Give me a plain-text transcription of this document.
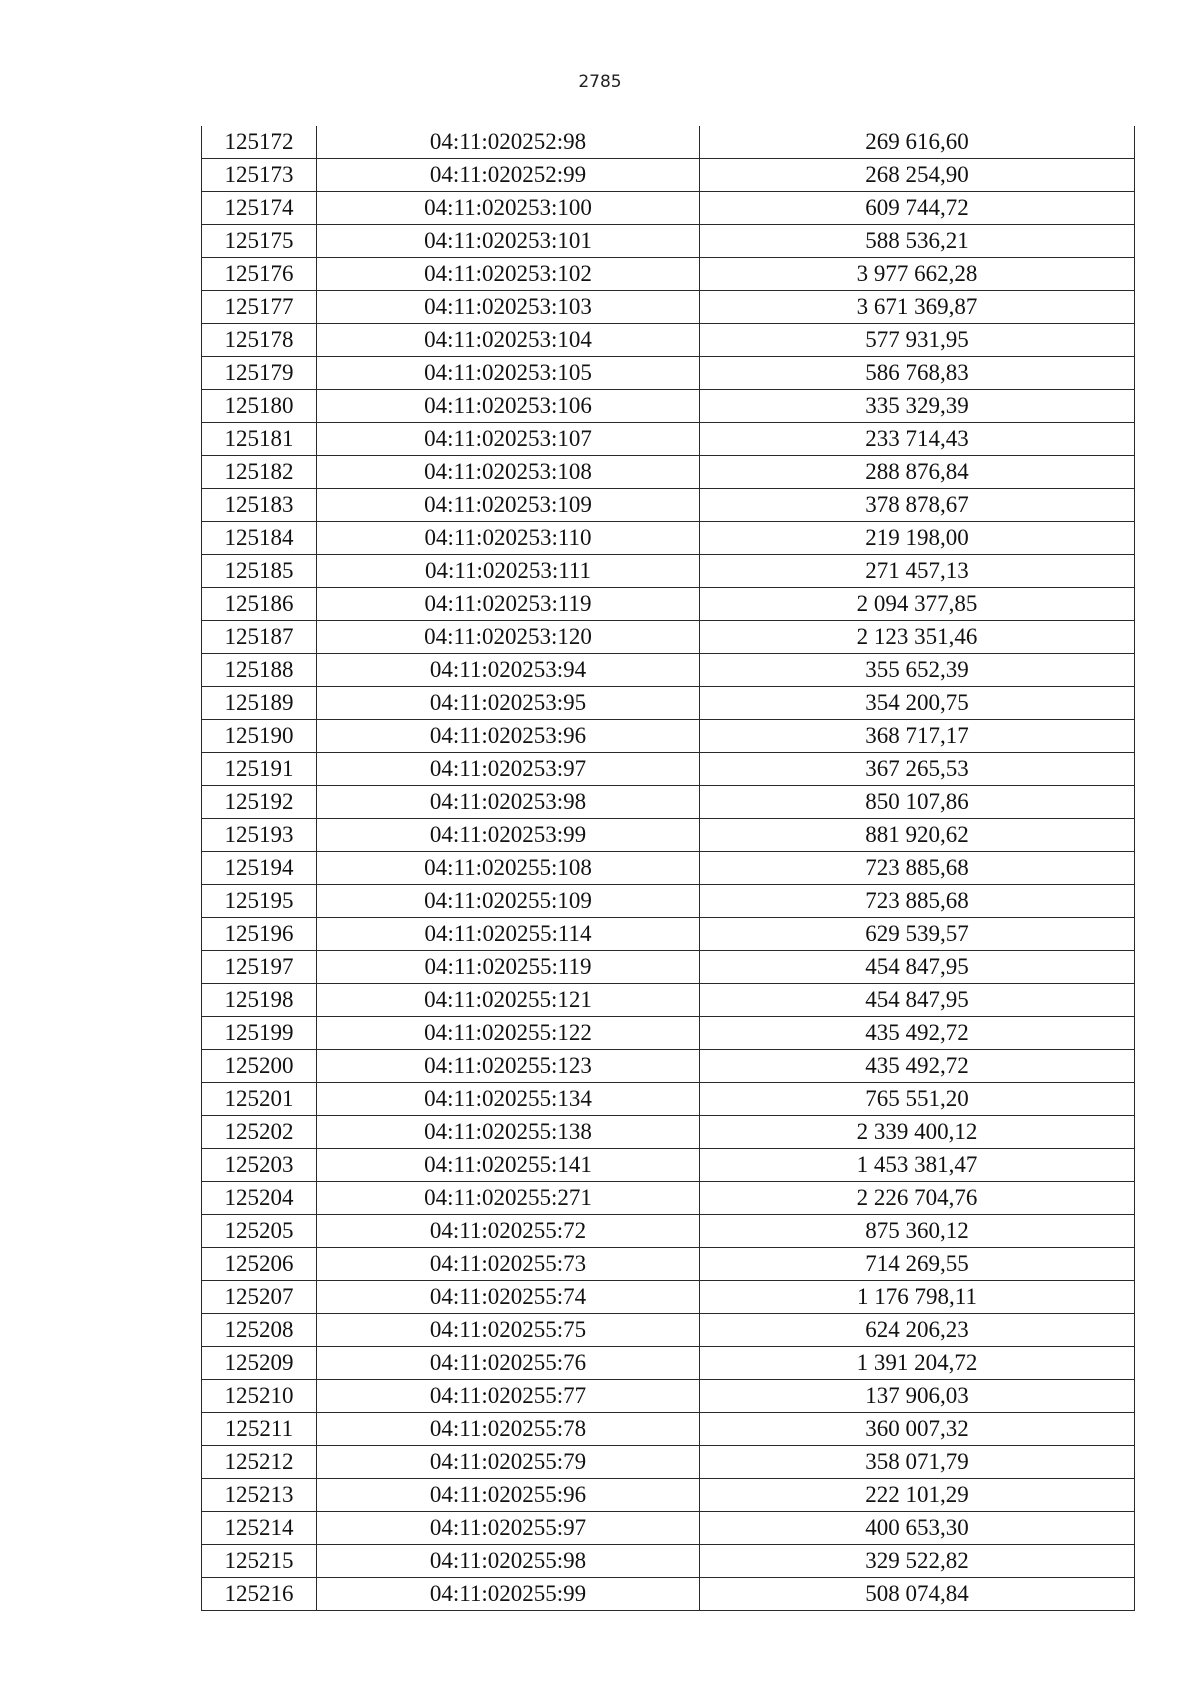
2785
125172	04:11:020252:98	269 616,60
125173	04:11:020252:99	268 254,90
125174	04:11:020253:100	609 744,72
125175	04:11:020253:101	588 536,21
125176	04:11:020253:102	3 977 662,28
125177	04:11:020253:103	3 671 369,87
125178	04:11:020253:104	577 931,95
125179	04:11:020253:105	586 768,83
125180	04:11:020253:106	335 329,39
125181	04:11:020253:107	233 714,43
125182	04:11:020253:108	288 876,84
125183	04:11:020253:109	378 878,67
125184	04:11:020253:110	219 198,00
125185	04:11:020253:111	271 457,13
125186	04:11:020253:119	2 094 377,85
125187	04:11:020253:120	2 123 351,46
125188	04:11:020253:94	355 652,39
125189	04:11:020253:95	354 200,75
125190	04:11:020253:96	368 717,17
125191	04:11:020253:97	367 265,53
125192	04:11:020253:98	850 107,86
125193	04:11:020253:99	881 920,62
125194	04:11:020255:108	723 885,68
125195	04:11:020255:109	723 885,68
125196	04:11:020255:114	629 539,57
125197	04:11:020255:119	454 847,95
125198	04:11:020255:121	454 847,95
125199	04:11:020255:122	435 492,72
125200	04:11:020255:123	435 492,72
125201	04:11:020255:134	765 551,20
125202	04:11:020255:138	2 339 400,12
125203	04:11:020255:141	1 453 381,47
125204	04:11:020255:271	2 226 704,76
125205	04:11:020255:72	875 360,12
125206	04:11:020255:73	714 269,55
125207	04:11:020255:74	1 176 798,11
125208	04:11:020255:75	624 206,23
125209	04:11:020255:76	1 391 204,72
125210	04:11:020255:77	137 906,03
125211	04:11:020255:78	360 007,32
125212	04:11:020255:79	358 071,79
125213	04:11:020255:96	222 101,29
125214	04:11:020255:97	400 653,30
125215	04:11:020255:98	329 522,82
125216	04:11:020255:99	508 074,84
